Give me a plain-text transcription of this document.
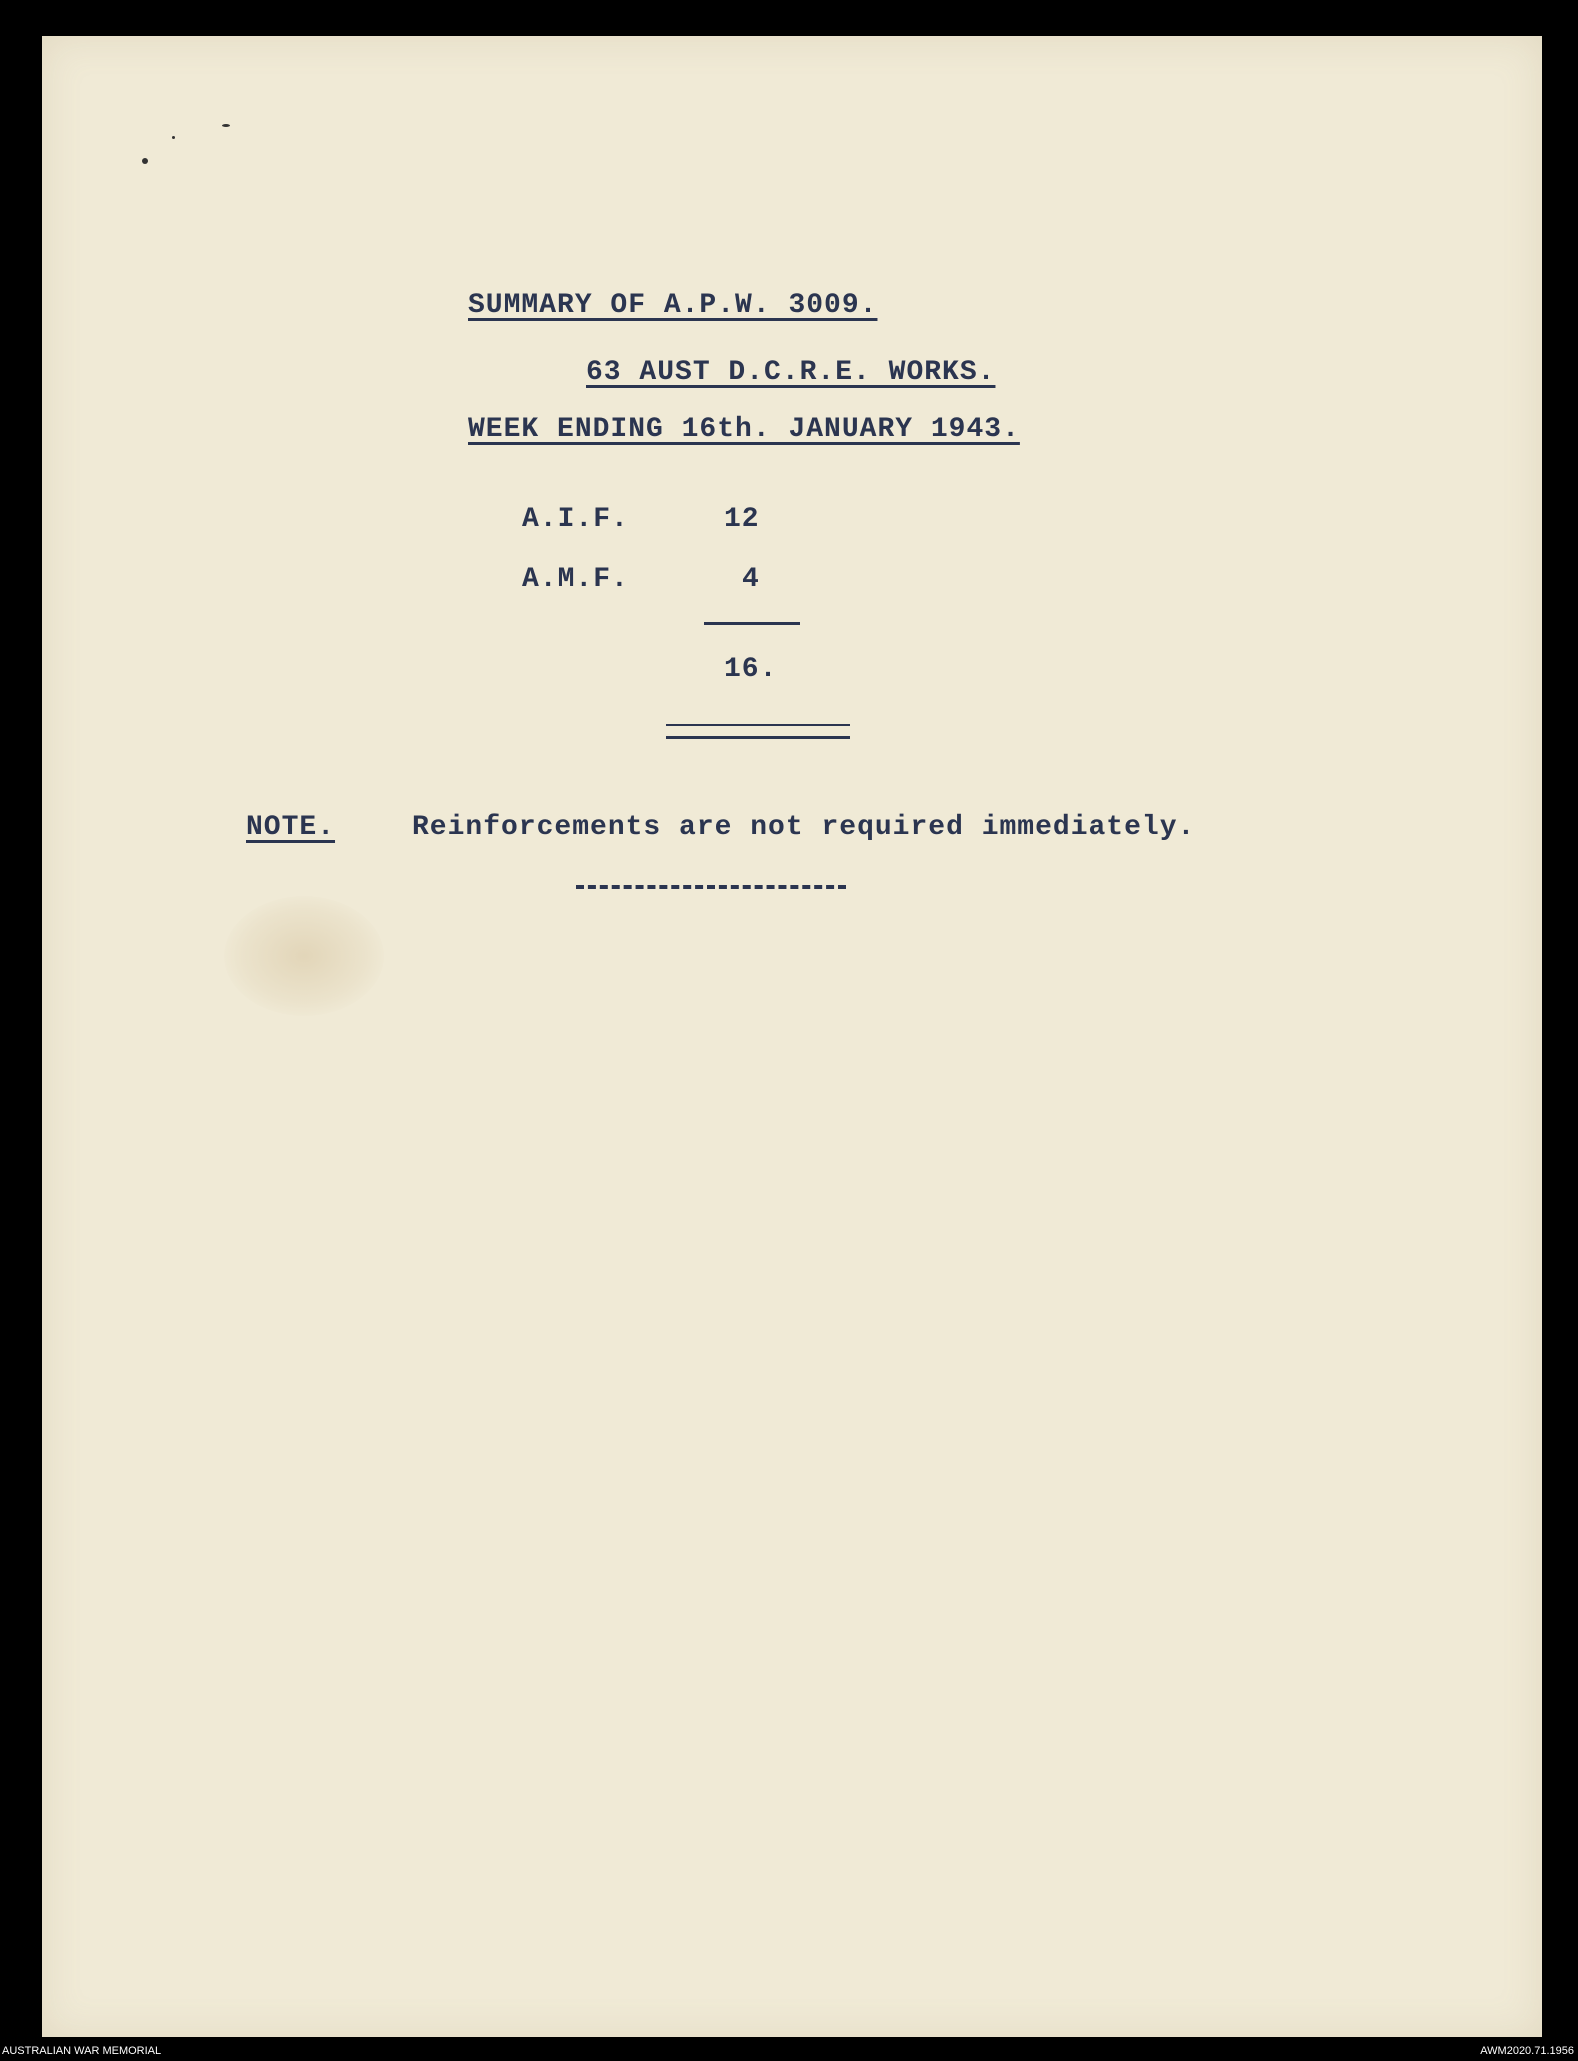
SUMMARY OF A.P.W. 3009.
63 AUST D.C.R.E. WORKS.
WEEK ENDING 16th. JANUARY 1943.
A.I.F.	12
A.M.F.	4
16.
NOTE.	Reinforcements are not required immediately.
AUSTRALIAN WAR MEMORIAL	AWM2020.71.1956
